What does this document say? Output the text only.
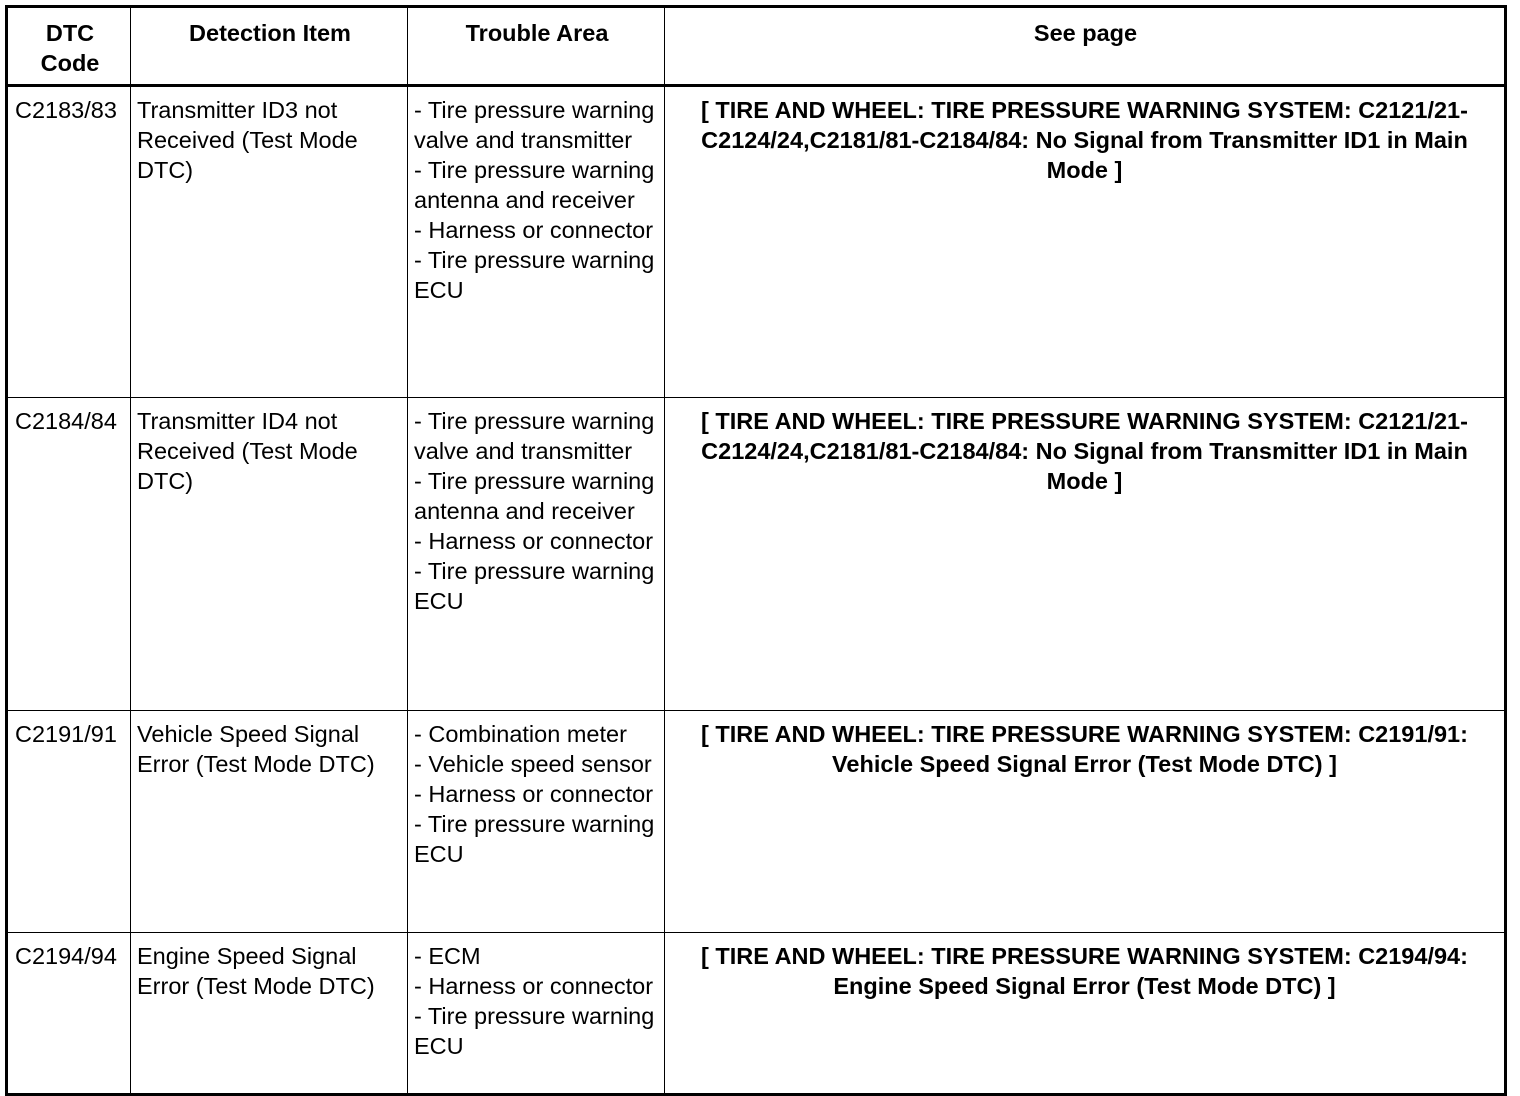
DTC Code	Detection Item	Trouble Area	See page
C2183/83	Transmitter ID3 not Received (Test Mode DTC)	- Tire pressure warning valve and transmitter
- Tire pressure warning antenna and receiver
- Harness or connector
- Tire pressure warning ECU	[ TIRE AND WHEEL: TIRE PRESSURE WARNING SYSTEM: C2121/21-C2124/24,C2181/81-C2184/84: No Signal from Transmitter ID1 in Main Mode ]
C2184/84	Transmitter ID4 not Received (Test Mode DTC)	- Tire pressure warning valve and transmitter
- Tire pressure warning antenna and receiver
- Harness or connector
- Tire pressure warning ECU	[ TIRE AND WHEEL: TIRE PRESSURE WARNING SYSTEM: C2121/21-C2124/24,C2181/81-C2184/84: No Signal from Transmitter ID1 in Main Mode ]
C2191/91	Vehicle Speed Signal Error (Test Mode DTC)	- Combination meter
- Vehicle speed sensor
- Harness or connector
- Tire pressure warning ECU	[ TIRE AND WHEEL: TIRE PRESSURE WARNING SYSTEM: C2191/91: Vehicle Speed Signal Error (Test Mode DTC) ]
C2194/94	Engine Speed Signal Error (Test Mode DTC)	- ECM
- Harness or connector
- Tire pressure warning ECU	[ TIRE AND WHEEL: TIRE PRESSURE WARNING SYSTEM: C2194/94: Engine Speed Signal Error (Test Mode DTC) ]
